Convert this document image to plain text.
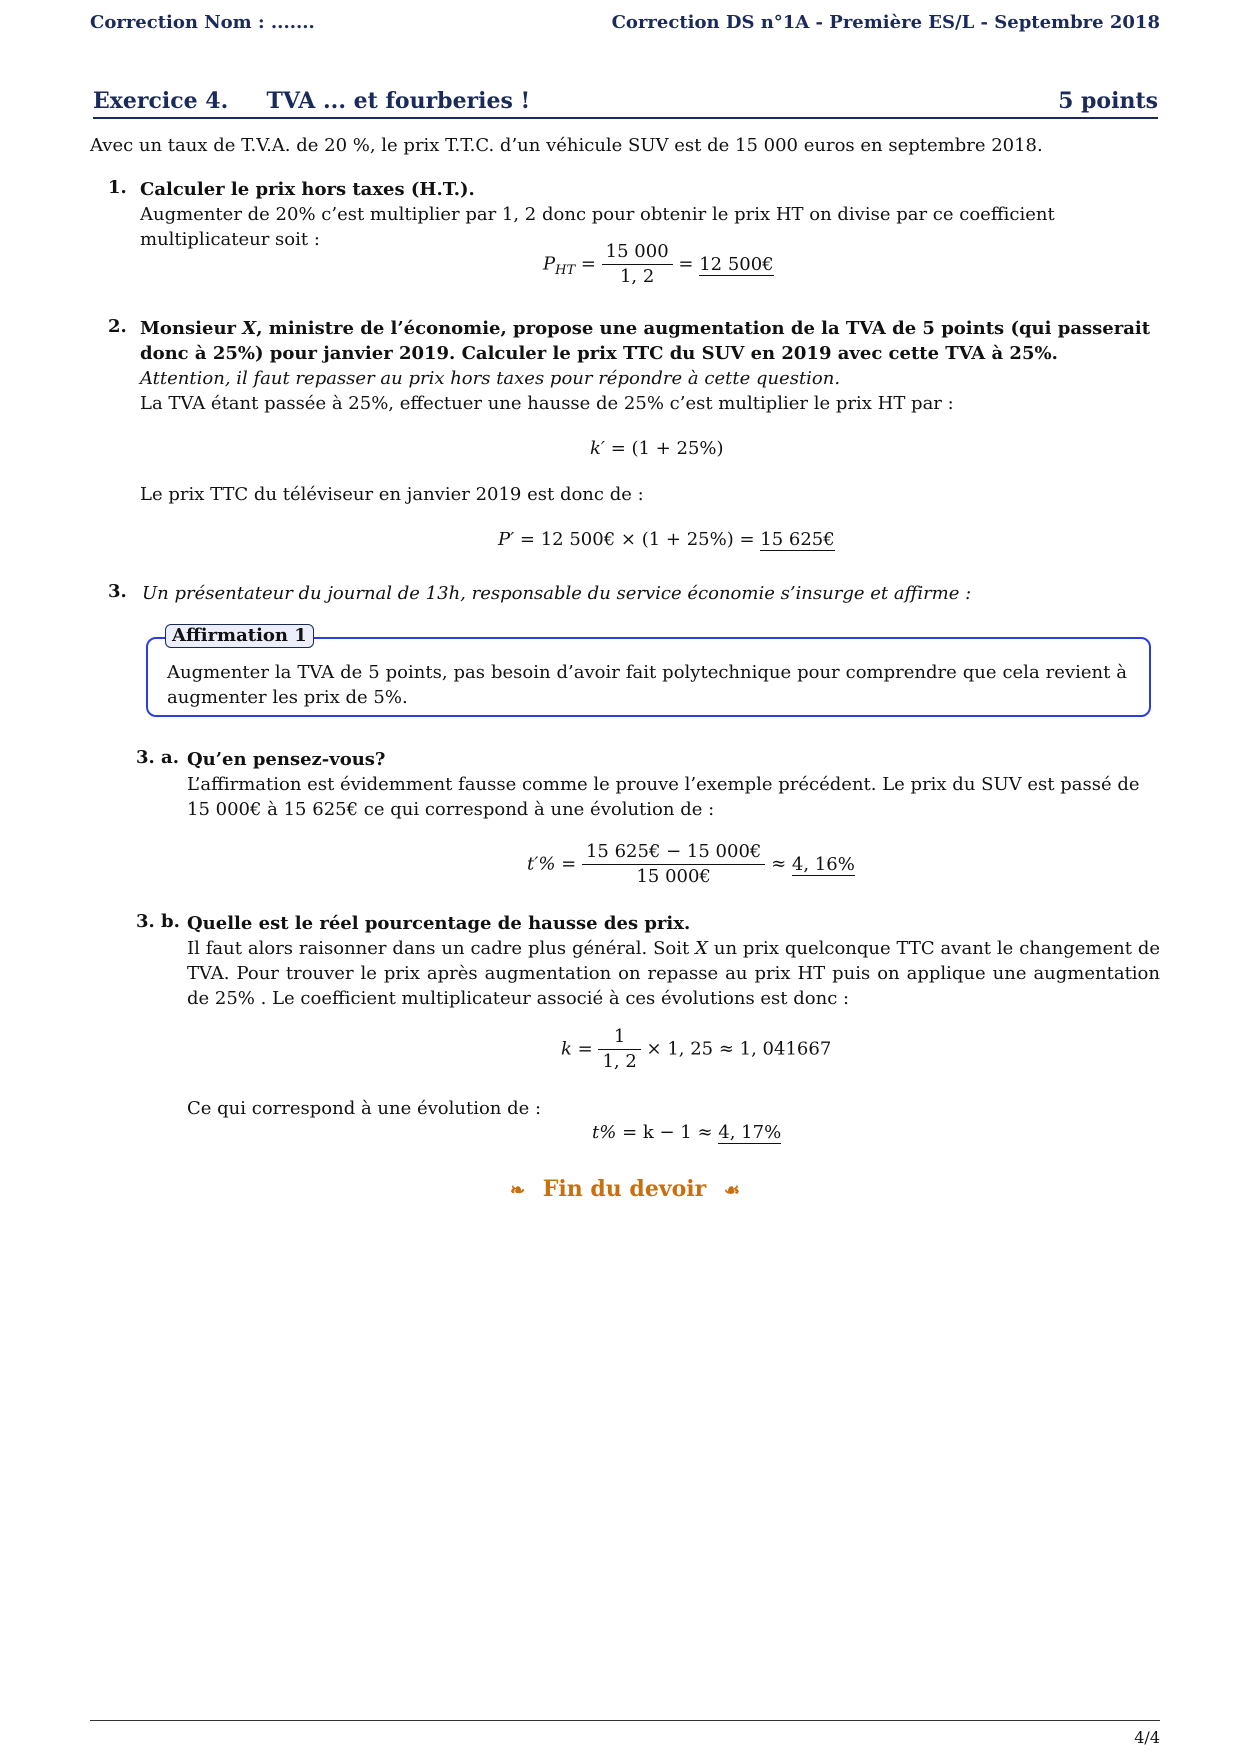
Correction Nom : .......	Correction DS n°1A - Première ES/L - Septembre 2018
Exercice 4.     TVA ... et fourberies !	5 points
Avec un taux de T.V.A. de 20 %, le prix T.T.C. d’un véhicule SUV est de 15 000 euros en septembre 2018.
1. Calculer le prix hors taxes (H.T.).
Augmenter de 20% c’est multiplier par 1, 2 donc pour obtenir le prix HT on divise par ce coefficient multiplicateur soit :
$P_{HT} = \frac{15 000}{1, 2} = 12$ 500€
2. Monsieur X, ministre de l’économie, propose une augmentation de la TVA de 5 points (qui passerait donc à 25%) pour janvier 2019. Calculer le prix TTC du SUV en 2019 avec cette TVA à 25%.
Attention, il faut repasser au prix hors taxes pour répondre à cette question.
La TVA étant passée à 25%, effectuer une hausse de 25% c’est multiplier le prix HT par :
k′ = (1 + 25%)
Le prix TTC du téléviseur en janvier 2019 est donc de :
P′ = 12 500€ × (1 + 25%) = 15 625€
3. Un présentateur du journal de 13h, responsable du service économie s’insurge et affirme :
Affirmation 1
Augmenter la TVA de 5 points, pas besoin d’avoir fait polytechnique pour comprendre que cela revient à augmenter les prix de 5%.
3. a. Qu’en pensez-vous?
L’affirmation est évidemment fausse comme le prouve l’exemple précédent. Le prix du SUV est passé de 15 000€ à 15 625€ ce qui correspond à une évolution de :
$t'\% = \frac{15 625€ - 15 000€}{15 000€} \approx 4$, 16%
3. b. Quelle est le réel pourcentage de hausse des prix.
Il faut alors raisonner dans un cadre plus général. Soit X un prix quelconque TTC avant le changement de TVA. Pour trouver le prix après augmentation on repasse au prix HT puis on applique une augmentation de 25% . Le coefficient multiplicateur associé à ces évolutions est donc :
$k = \frac{1}{1, 2} \times 1$, 25 ≈ 1, 041667
Ce qui correspond à une évolution de :
t% = k − 1 ≈ 4, 17%
❧ Fin du devoir ☙
4/4
